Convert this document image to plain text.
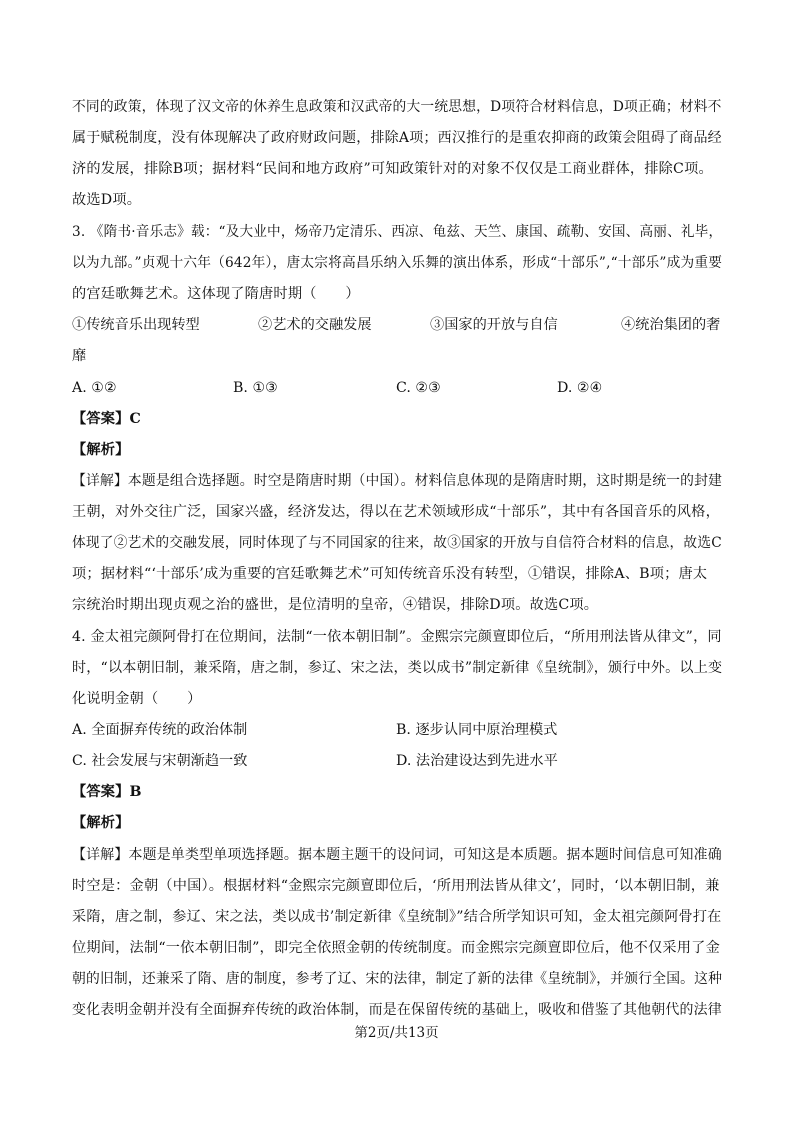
不同的政策，体现了汉文帝的休养生息政策和汉武帝的大一统思想，D项符合材料信息，D项正确；材料不
属于赋税制度，没有体现解决了政府财政问题，排除A项；西汉推行的是重农抑商的政策会阻碍了商品经
济的发展，排除B项；据材料“民间和地方政府”可知政策针对的对象不仅仅是工商业群体，排除C项。
故选D项。
3. 《隋书·音乐志》载：“及大业中，炀帝乃定清乐、西凉、龟兹、天竺、康国、疏勒、安国、高丽、礼毕，
以为九部。”贞观十六年（642年），唐太宗将高昌乐纳入乐舞的演出体系，形成“十部乐”,“十部乐”成为重要
的宫廷歌舞艺术。这体现了隋唐时期（　　）
①传统音乐出现转型	②艺术的交融发展	③国家的开放与自信	④统治集团的奢
靡
A. ①②	B. ①③	C. ②③	D. ②④
【答案】C
【解析】
【详解】本题是组合选择题。时空是隋唐时期（中国）。材料信息体现的是隋唐时期，这时期是统一的封建
王朝，对外交往广泛，国家兴盛，经济发达，得以在艺术领域形成“十部乐”，其中有各国音乐的风格，
体现了②艺术的交融发展，同时体现了与不同国家的往来，故③国家的开放与自信符合材料的信息，故选C
项；据材料“‘十部乐’成为重要的宫廷歌舞艺术”可知传统音乐没有转型，①错误，排除A、B项；唐太
宗统治时期出现贞观之治的盛世，是位清明的皇帝，④错误，排除D项。故选C项。
4. 金太祖完颜阿骨打在位期间，法制“一依本朝旧制”。金熙宗完颜亶即位后，“所用刑法皆从律文”，同
时，“以本朝旧制，兼采隋，唐之制，参辽、宋之法，类以成书”制定新律《皇统制》，颁行中外。以上变
化说明金朝（　　）
A. 全面摒弃传统的政治体制	B. 逐步认同中原治理模式
C. 社会发展与宋朝渐趋一致	D. 法治建设达到先进水平
【答案】B
【解析】
【详解】本题是单类型单项选择题。据本题主题干的设问词，可知这是本质题。据本题时间信息可知准确
时空是：金朝（中国）。根据材料“金熙宗完颜亶即位后，‘所用刑法皆从律文’，同时，‘以本朝旧制，兼
采隋，唐之制，参辽、宋之法，类以成书’制定新律《皇统制》”结合所学知识可知，金太祖完颜阿骨打在
位期间，法制“一依本朝旧制”，即完全依照金朝的传统制度。而金熙宗完颜亶即位后，他不仅采用了金
朝的旧制，还兼采了隋、唐的制度，参考了辽、宋的法律，制定了新的法律《皇统制》，并颁行全国。这种
变化表明金朝并没有全面摒弃传统的政治体制，而是在保留传统的基础上，吸收和借鉴了其他朝代的法律
第2页/共13页
